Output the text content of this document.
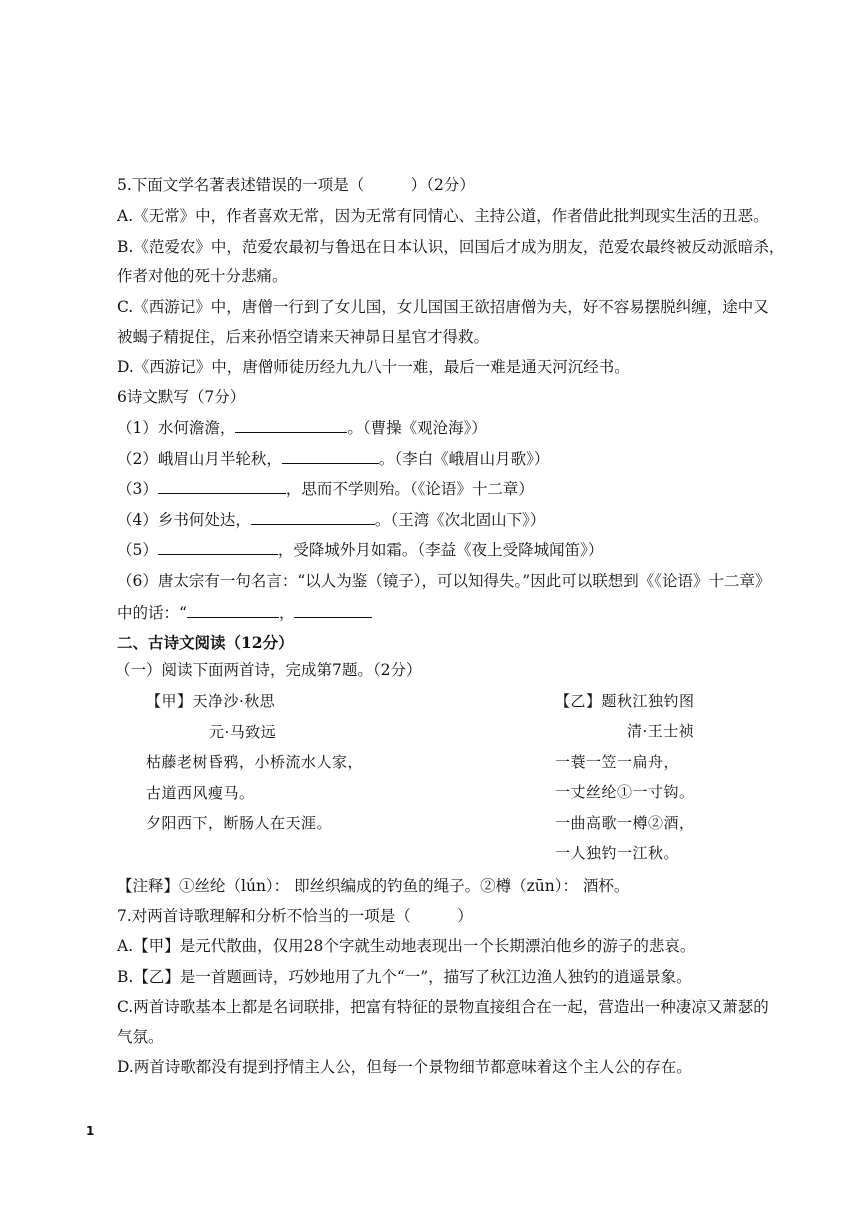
5.下面文学名著表述错误的一项是（　　　）（2分）
A.《无常》中，作者喜欢无常，因为无常有同情心、主持公道，作者借此批判现实生活的丑恶。
B.《范爱农》中，范爱农最初与鲁迅在日本认识，回国后才成为朋友，范爱农最终被反动派暗杀，
作者对他的死十分悲痛。
C.《西游记》中，唐僧一行到了女儿国，女儿国国王欲招唐僧为夫，好不容易摆脱纠缠，途中又
被蝎子精捉住，后来孙悟空请来天神昴日星官才得救。
D.《西游记》中，唐僧师徒历经九九八十一难，最后一难是通天河沉经书。
6诗文默写（7分）
（1）水何澹澹，	。（曹操《观沧海》）
（2）峨眉山月半轮秋，	。（李白《峨眉山月歌》）
（3）	，思而不学则殆。（《论语》十二章）
（4）乡书何处达，	。（王湾《次北固山下》）
（5）	，受降城外月如霜。（李益《夜上受降城闻笛》）
（6）唐太宗有一句名言：“以人为鉴（镜子），可以知得失。”因此可以联想到《《论语》十二章》
中的话：“	，
二、古诗文阅读（12分）
（一）阅读下面两首诗，完成第7题。（2分）
【甲】天净沙·秋思
元·马致远
枯藤老树昏鸦，小桥流水人家，
古道西风瘦马。
夕阳西下，断肠人在天涯。
【乙】题秋江独钓图
清·王士祯
一蓑一笠一扁舟，
一丈丝纶①一寸钩。
一曲高歌一樽②酒，
一人独钓一江秋。
【注释】①丝纶（lún）： 即丝织编成的钓鱼的绳子。②樽（zūn）： 酒杯。
7.对两首诗歌理解和分析不恰当的一项是（　　　）
A.【甲】是元代散曲，仅用28个字就生动地表现出一个长期漂泊他乡的游子的悲哀。
B.【乙】是一首题画诗，巧妙地用了九个“一”，描写了秋江边渔人独钓的逍遥景象。
C.两首诗歌基本上都是名词联排，把富有特征的景物直接组合在一起，营造出一种凄凉又萧瑟的
气氛。
D.两首诗歌都没有提到抒情主人公，但每一个景物细节都意味着这个主人公的存在。
1
